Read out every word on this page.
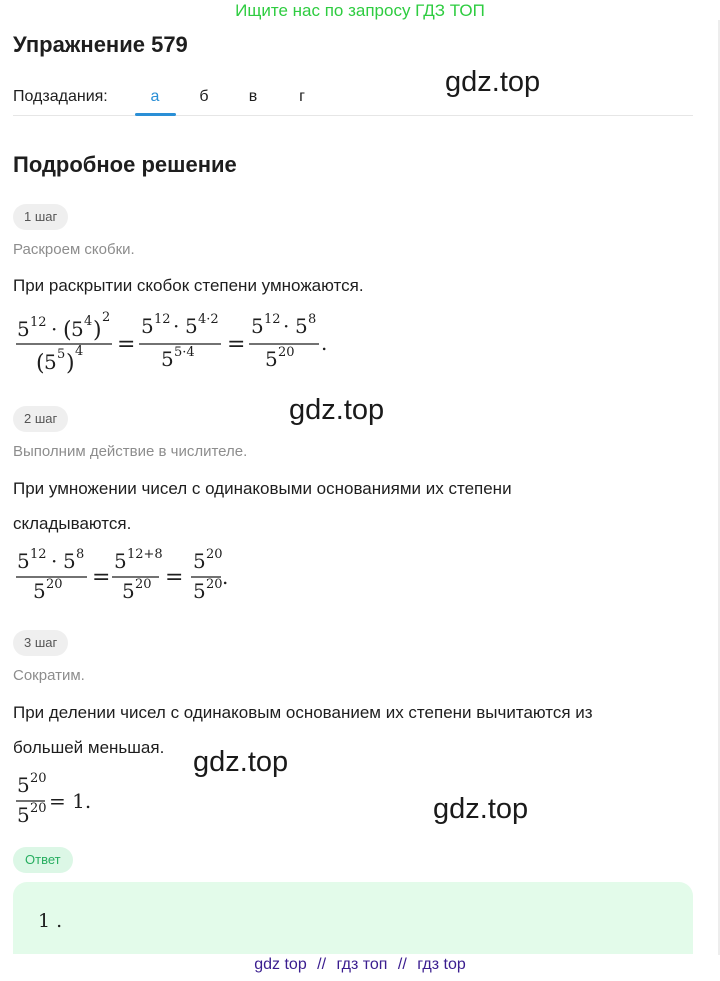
Ищите нас по запросу ГДЗ ТОП
Упражнение 579
Подзадания:	а	б	в	г	gdz.top
Подробное решение
1 шаг
Раскроем скобки.
При раскрытии скобок степени умножаются.
5 12 · ( 5 4 )
2
( 5 5 ) 4 =
5 12 · 5 4·2
5 5·4 =
5 12 · 5 8
5 20 .
gdz.top
2 шаг
Выполним действие в числителе.
При умножении чисел с одинаковыми основаниями их степени
складываются.
5 12 · 5 8
5 20 =
5 12+8
5 20 =
5 20
5 20 .
3 шаг
Сократим.
При делении чисел с одинаковым основанием их степени вычитаются из
большей меньшая. gdz.top
5 20
5 20 = 1.	gdz.top
Ответ
1 .
gdz top // гдз топ // гдз top
